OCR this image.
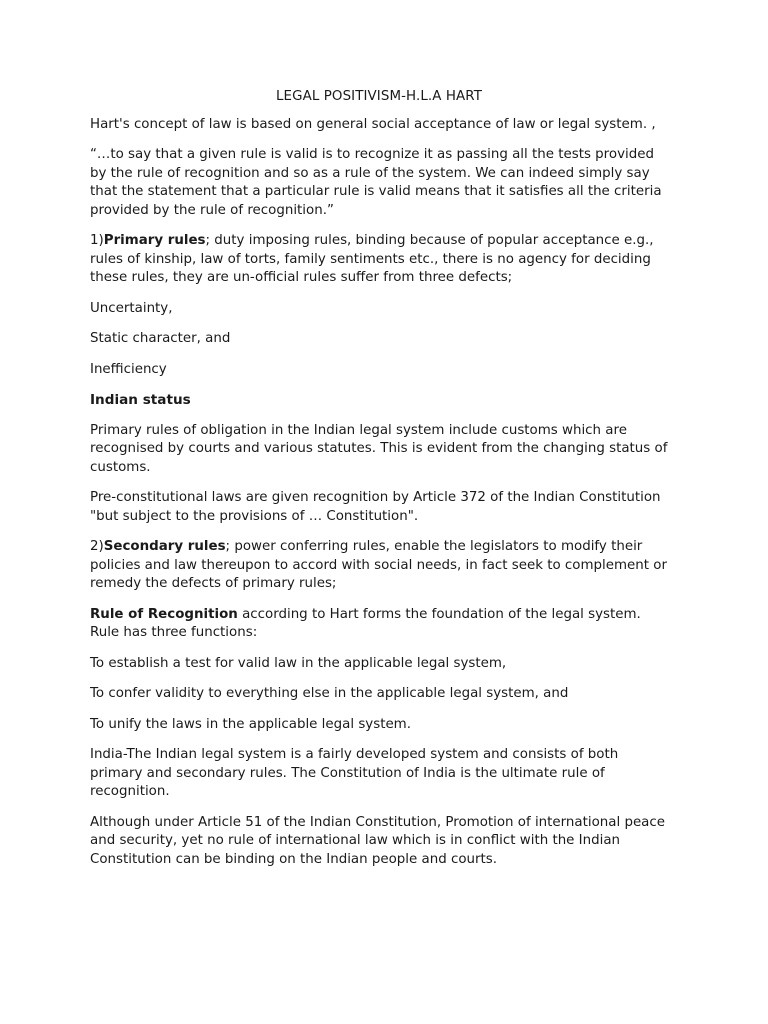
LEGAL POSITIVISM-H.L.A HART

Hart's concept of law is based on general social acceptance of law or legal system. ,

“…to say that a given rule is valid is to recognize it as passing all the tests provided by the rule of recognition and so as a rule of the system. We can indeed simply say that the statement that a particular rule is valid means that it satisfies all the criteria provided by the rule of recognition.”

1)Primary rules; duty imposing rules, binding because of popular acceptance e.g., rules of kinship, law of torts, family sentiments etc., there is no agency for deciding these rules, they are un-official rules suffer from three defects;

Uncertainty,

Static character, and

Inefficiency

Indian status

Primary rules of obligation in the Indian legal system include customs which are recognised by courts and various statutes. This is evident from the changing status of customs.

Pre-constitutional laws are given recognition by Article 372 of the Indian Constitution "but subject to the provisions of … Constitution".

2)Secondary rules; power conferring rules, enable the legislators to modify their policies and law thereupon to accord with social needs, in fact seek to complement or remedy the defects of primary rules;

Rule of Recognition according to Hart forms the foundation of the legal system. Rule has three functions:

To establish a test for valid law in the applicable legal system,

To confer validity to everything else in the applicable legal system, and

To unify the laws in the applicable legal system.

India-The Indian legal system is a fairly developed system and consists of both primary and secondary rules. The Constitution of India is the ultimate rule of recognition.

Although under Article 51 of the Indian Constitution, Promotion of international peace and security, yet no rule of international law which is in conflict with the Indian Constitution can be binding on the Indian people and courts.
